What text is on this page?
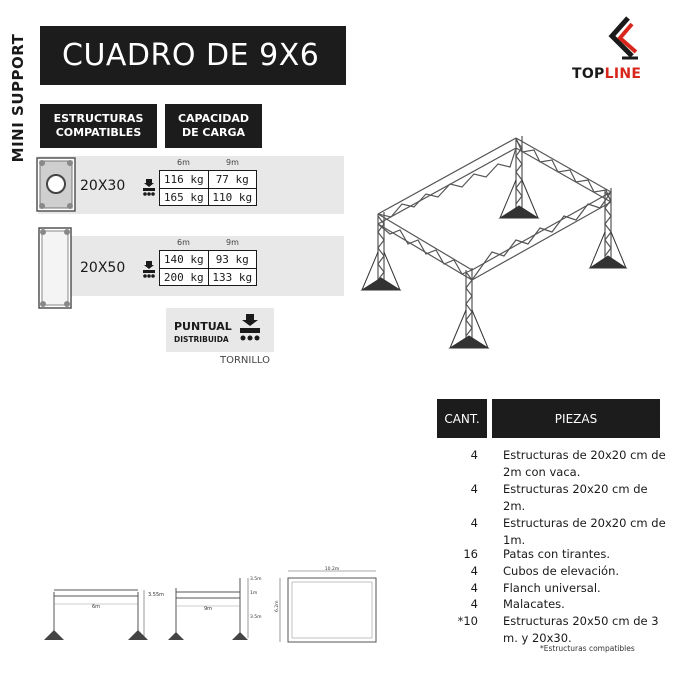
MINI SUPPORT CUADRO DE 9X6
TOPLINE
ESTRUCTURAS
COMPATIBLES
CAPACIDAD
DE CARGA
20X30
20X50
6m	9m
116 kg	77 kg
165 kg 110 kg
6m	9m
140 kg	93 kg
200 kg 133 kg
PUNTUAL
DISTRIBUIDA
TORNILLO
CANT.	PIEZAS
4 Estructuras de 20x20 cm de 2m con vaca.
4 Estructuras 20x20 cm de 2m.
4 Estructuras de 20x20 cm de 1m.
16 Patas con tirantes.
4 Cubos de elevación.
4 Flanch universal.
4 Malacates.
*10 Estructuras 20x50 cm de 3 m. y 20x30.
*Estructuras compatibles
6m
3.55m
9m
3.5m
1m
3.5m
10.2m
6.2m
